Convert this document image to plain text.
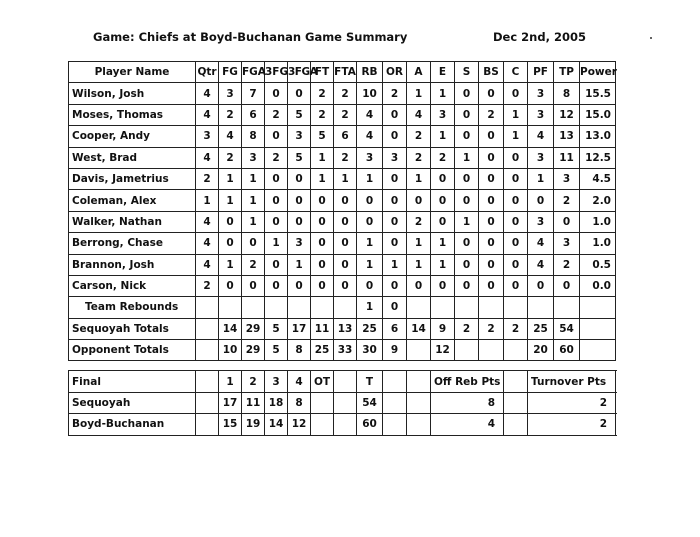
Game: Chiefs at Boyd-Buchanan Game Summary	Dec 2nd, 2005
Player Name	Qtr	FG	FGA	3FG	3FGA	FT	FTA	RB	OR	A	E	S	BS	C	PF	TP	Power
Wilson, Josh	4	3	7	0	0	2	2	10	2	1	1	0	0	0	3	8	15.5
Moses, Thomas	4	2	6	2	5	2	2	4	0	4	3	0	2	1	3	12	15.0
Cooper, Andy	3	4	8	0	3	5	6	4	0	2	1	0	0	1	4	13	13.0
West, Brad	4	2	3	2	5	1	2	3	3	2	2	1	0	0	3	11	12.5
Davis, Jametrius	2	1	1	0	0	1	1	1	0	1	0	0	0	0	1	3	4.5
Coleman, Alex	1	1	1	0	0	0	0	0	0	0	0	0	0	0	0	2	2.0
Walker, Nathan	4	0	1	0	0	0	0	0	0	2	0	1	0	0	3	0	1.0
Berrong, Chase	4	0	0	1	3	0	0	1	0	1	1	0	0	0	4	3	1.0
Brannon, Josh	4	1	2	0	1	0	0	1	1	1	1	0	0	0	4	2	0.5
Carson, Nick	2	0	0	0	0	0	0	0	0	0	0	0	0	0	0	0	0.0
Team Rebounds								1	0								
Sequoyah Totals		14	29	5	17	11	13	25	6	14	9	2	2	2	25	54	
Opponent Totals		10	29	5	8	25	33	30	9		12				20	60	

Final		1	2	3	4	OT		T			Off Reb Pts				Turnover Pts		
Sequoyah		17	11	18	8			54			8				2		
Boyd-Buchanan		15	19	14	12			60			4				2		
